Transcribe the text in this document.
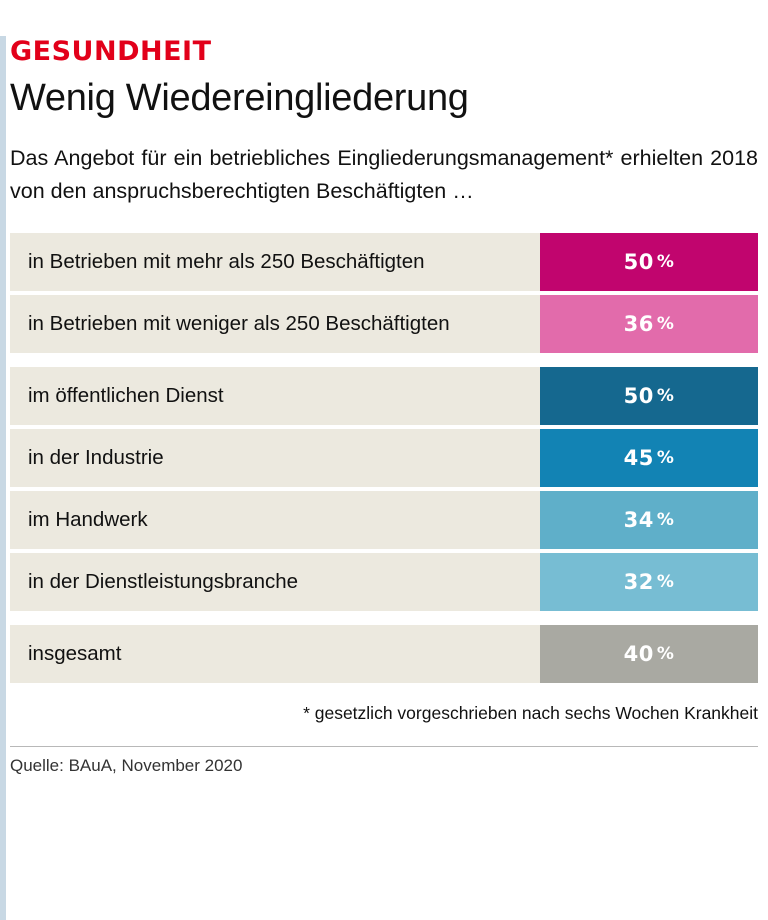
GESUNDHEIT
Wenig Wiedereingliederung

Das Angebot für ein betriebliches Eingliederungsmanagement* erhielten 2018 von den anspruchsberechtigten Beschäftigten …

in Betrieben mit mehr als 250 Beschäftigten	50 %
in Betrieben mit weniger als 250 Beschäftigten	36 %
im öffentlichen Dienst	50 %
in der Industrie	45 %
im Handwerk	34 %
in der Dienstleistungsbranche	32 %
insgesamt	40 %
* gesetzlich vorgeschrieben nach sechs Wochen Krankheit
Quelle: BAuA, November 2020
